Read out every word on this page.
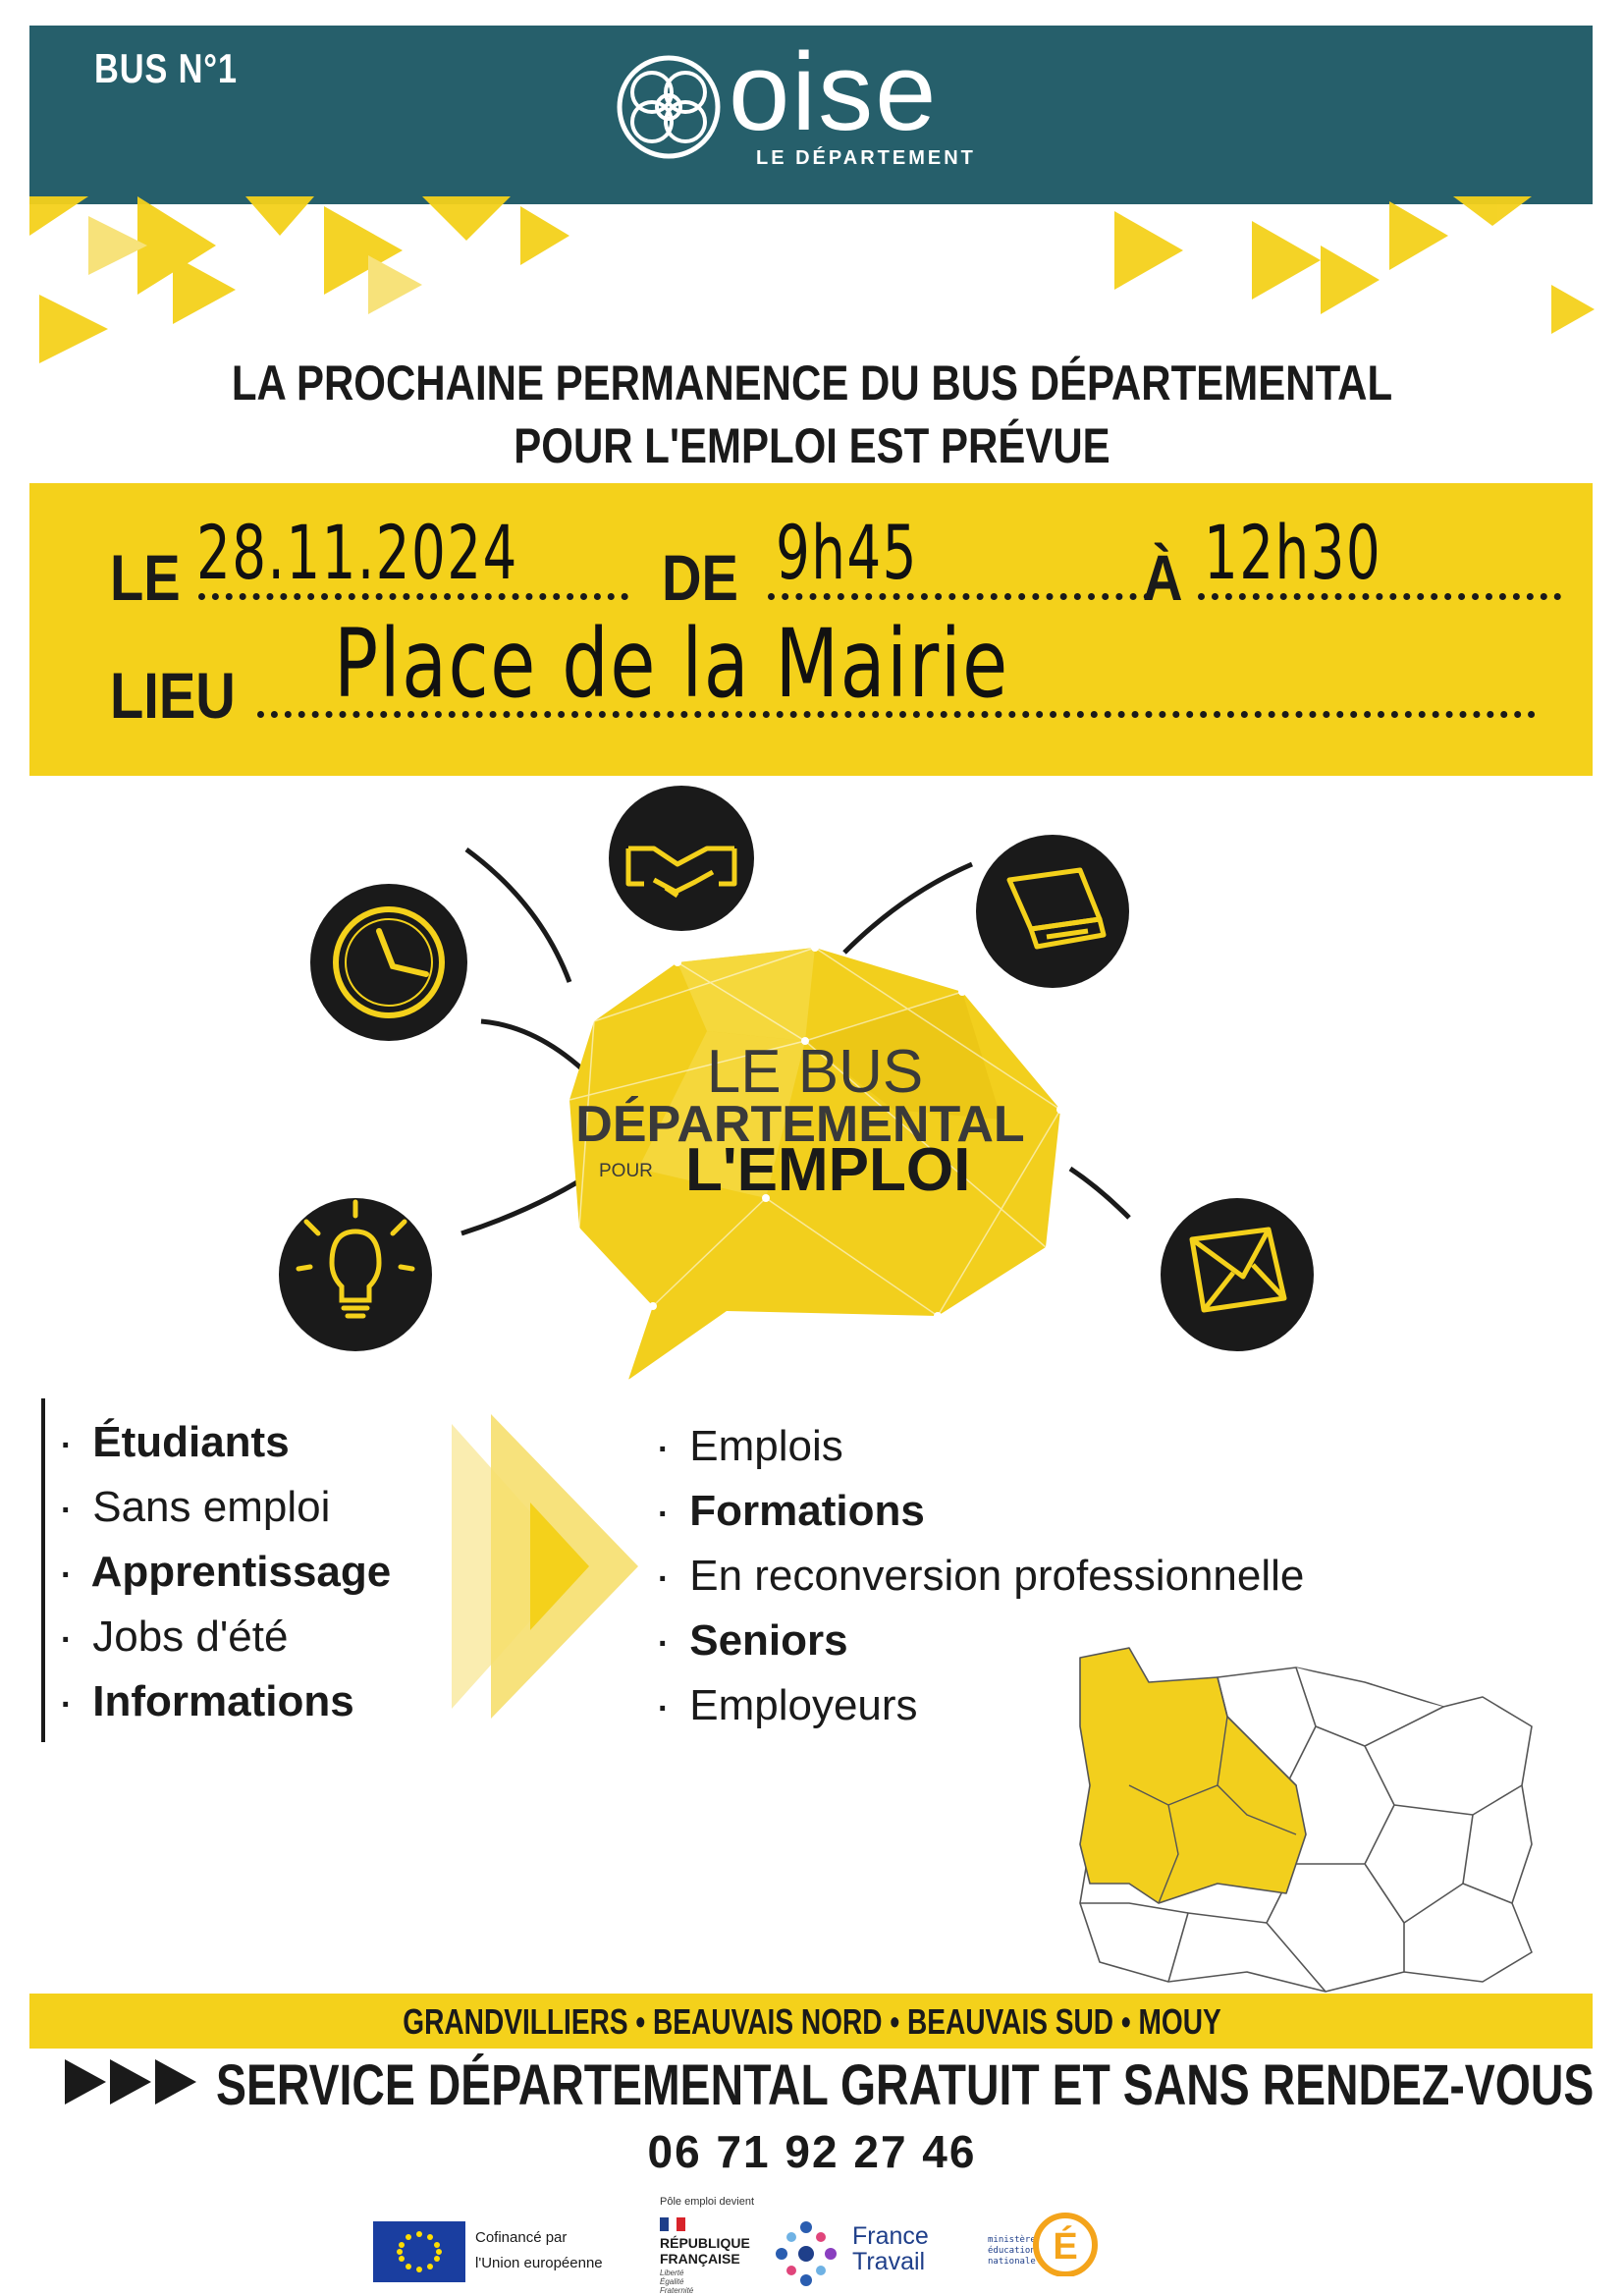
BUS N°1	oise
LE DÉPARTEMENT
LA PROCHAINE PERMANENCE DU BUS DÉPARTEMENTAL
POUR L'EMPLOI EST PRÉVUE
LE 28.11.2024 DE 9h45	À 12h30
LIEU Place de la Mairie
LE BUS
DÉPARTEMENTAL
POUR L'EMPLOI
· Étudiants
· Sans emploi
· Apprentissage
· Jobs d'été
· Informations
· Emplois
· Formations
· En reconversion professionnelle
· Seniors
· Employeurs
GRANDVILLIERS • BEAUVAIS NORD • BEAUVAIS SUD • MOUY
SERVICE DÉPARTEMENTAL GRATUIT ET SANS RENDEZ-VOUS
06 71 92 27 46
Cofinancé par
l'Union européenne
Pôle emploi devient
RÉPUBLIQUE
FRANÇAISE
Liberté
Égalité
Fraternité
France
Travail
ministère
éducation
nationale É
